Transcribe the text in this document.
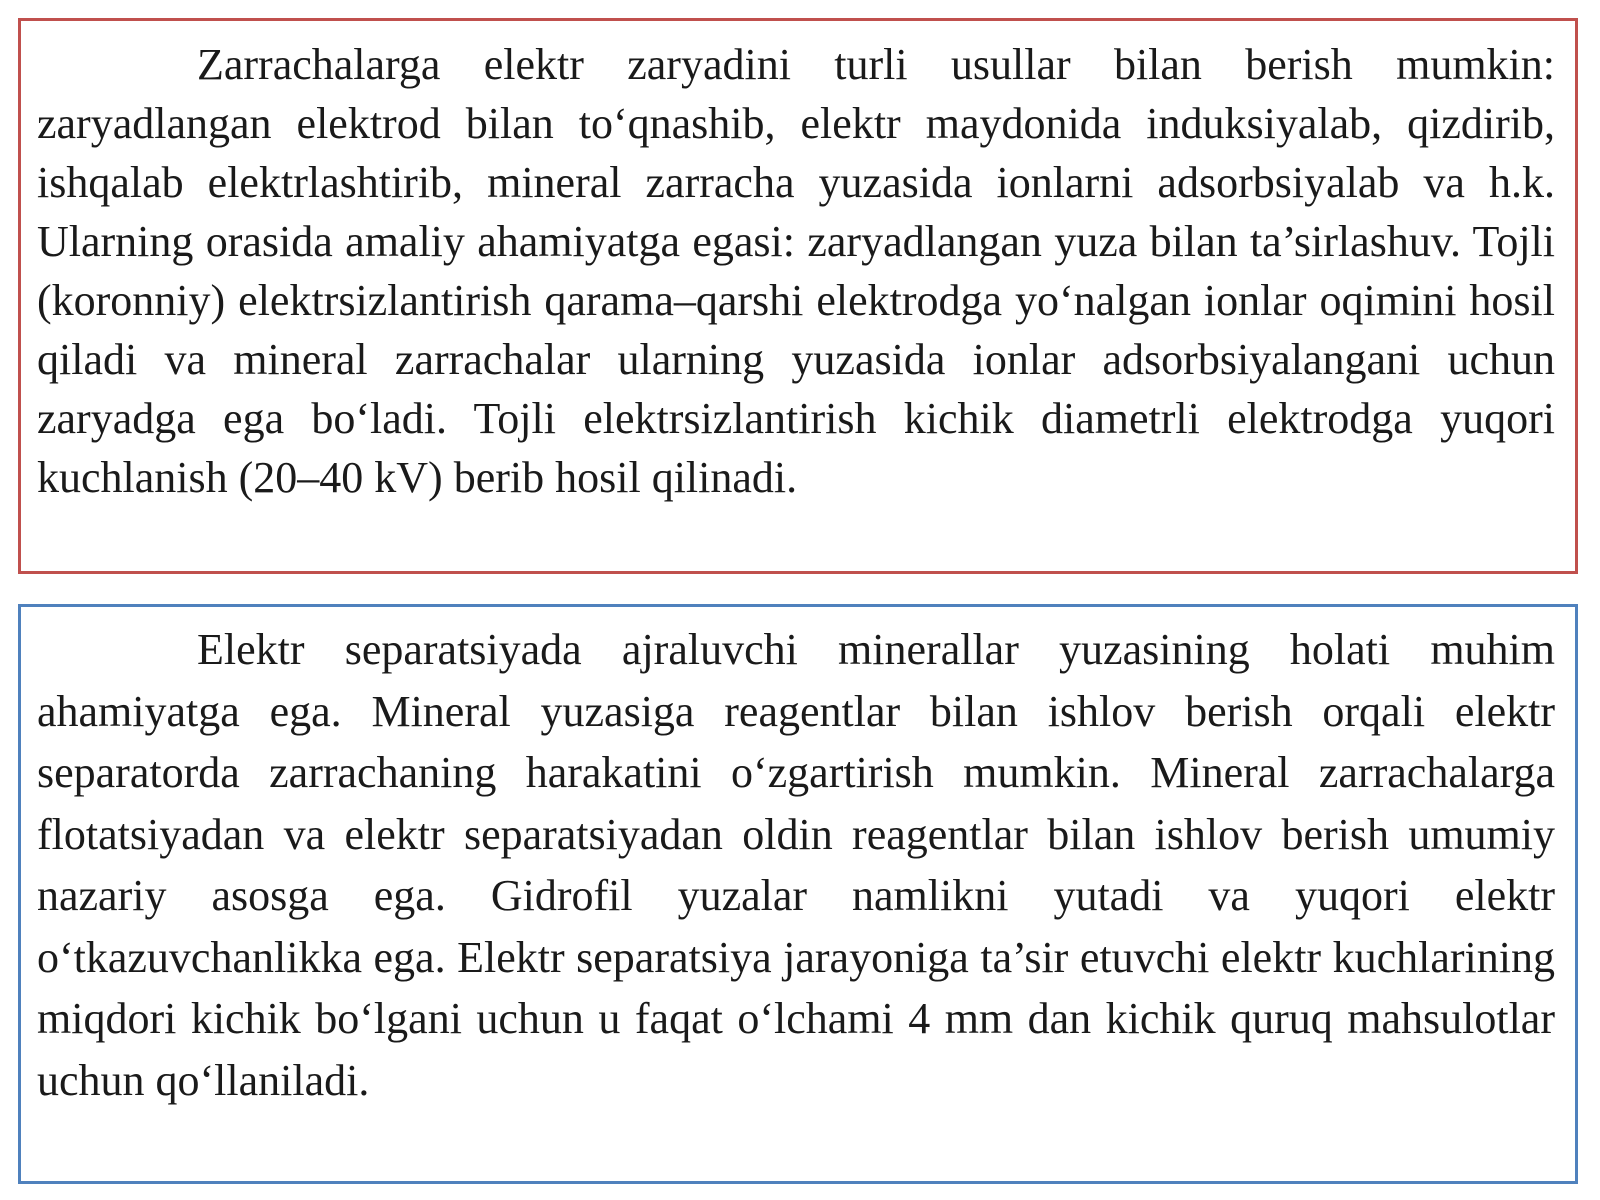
Zarrachalarga elektr zaryadini turli usullar bilan berish mumkin: zaryadlangan elektrod bilan to‘qnashib, elektr maydonida induksiyalab, qizdirib, ishqalab elektrlashtirib, mineral zarracha yuzasida ionlarni adsorbsiyalab va h.k. Ularning orasida amaliy ahamiyatga egasi: zaryadlangan yuza bilan ta’sirlashuv. Tojli (koronniy) elektrsizlantirish qarama–qarshi elektrodga yo‘nalgan ionlar oqimini hosil qiladi va mineral zarrachalar ularning yuzasida ionlar adsorbsiyalangani uchun zaryadga ega bo‘ladi. Tojli elektrsizlantirish kichik diametrli elektrodga yuqori kuchlanish (20–40 kV) berib hosil qilinadi.

Elektr separatsiyada ajraluvchi minerallar yuzasining holati muhim ahamiyatga ega. Mineral yuzasiga reagentlar bilan ishlov berish orqali elektr separatorda zarrachaning harakatini o‘zgartirish mumkin. Mineral zarrachalarga flotatsiyadan va elektr separatsiyadan oldin reagentlar bilan ishlov berish umumiy nazariy asosga ega. Gidrofil yuzalar namlikni yutadi va yuqori elektr o‘tkazuvchanlikka ega. Elektr separatsiya jarayoniga ta’sir etuvchi elektr kuchlarining miqdori kichik bo‘lgani uchun u faqat o‘lchami 4 mm dan kichik quruq mahsulotlar uchun qo‘llaniladi.
